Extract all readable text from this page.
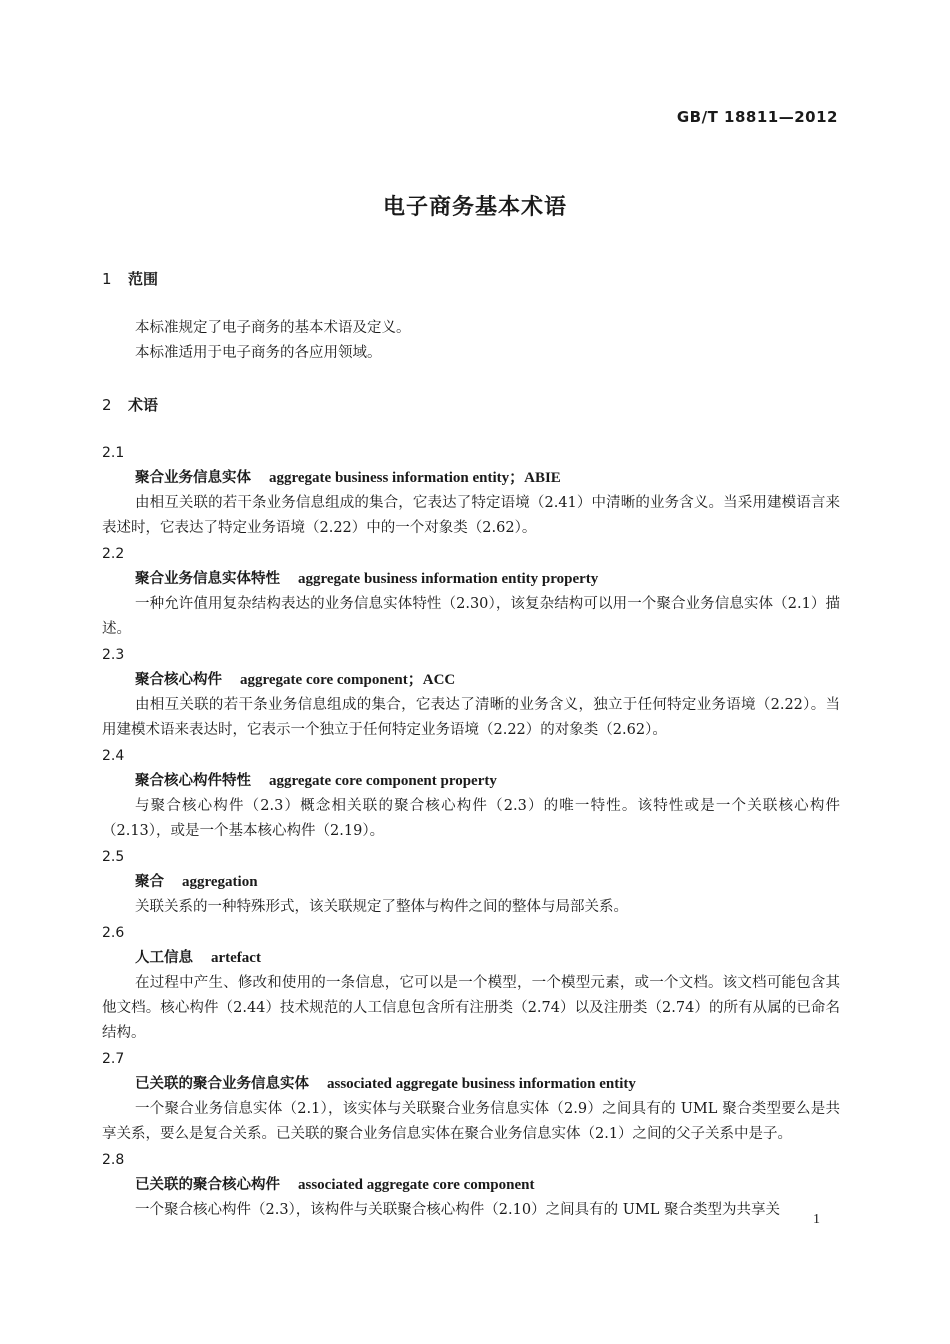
GB/T 18811—2012
电子商务基本术语
1 范围
本标准规定了电子商务的基本术语及定义。
本标准适用于电子商务的各应用领域。
2 术语
2.1
聚合业务信息实体 aggregate business information entity；ABIE
由相互关联的若干条业务信息组成的集合，它表达了特定语境（2.41）中清晰的业务含义。当采用建模语言来表述时，它表达了特定业务语境（2.22）中的一个对象类（2.62）。
2.2
聚合业务信息实体特性 aggregate business information entity property
一种允许值用复杂结构表达的业务信息实体特性（2.30），该复杂结构可以用一个聚合业务信息实体（2.1）描述。
2.3
聚合核心构件 aggregate core component；ACC
由相互关联的若干条业务信息组成的集合，它表达了清晰的业务含义，独立于任何特定业务语境（2.22）。当用建模术语来表达时，它表示一个独立于任何特定业务语境（2.22）的对象类（2.62）。
2.4
聚合核心构件特性 aggregate core component property
与聚合核心构件（2.3）概念相关联的聚合核心构件（2.3）的唯一特性。该特性或是一个关联核心构件（2.13），或是一个基本核心构件（2.19）。
2.5
聚合 aggregation
关联关系的一种特殊形式，该关联规定了整体与构件之间的整体与局部关系。
2.6
人工信息 artefact
在过程中产生、修改和使用的一条信息，它可以是一个模型，一个模型元素，或一个文档。该文档可能包含其他文档。核心构件（2.44）技术规范的人工信息包含所有注册类（2.74）以及注册类（2.74）的所有从属的已命名结构。
2.7
已关联的聚合业务信息实体 associated aggregate business information entity
一个聚合业务信息实体（2.1），该实体与关联聚合业务信息实体（2.9）之间具有的 UML 聚合类型要么是共享关系，要么是复合关系。已关联的聚合业务信息实体在聚合业务信息实体（2.1）之间的父子关系中是子。
2.8
已关联的聚合核心构件 associated aggregate core component
一个聚合核心构件（2.3），该构件与关联聚合核心构件（2.10）之间具有的 UML 聚合类型为共享关
1
